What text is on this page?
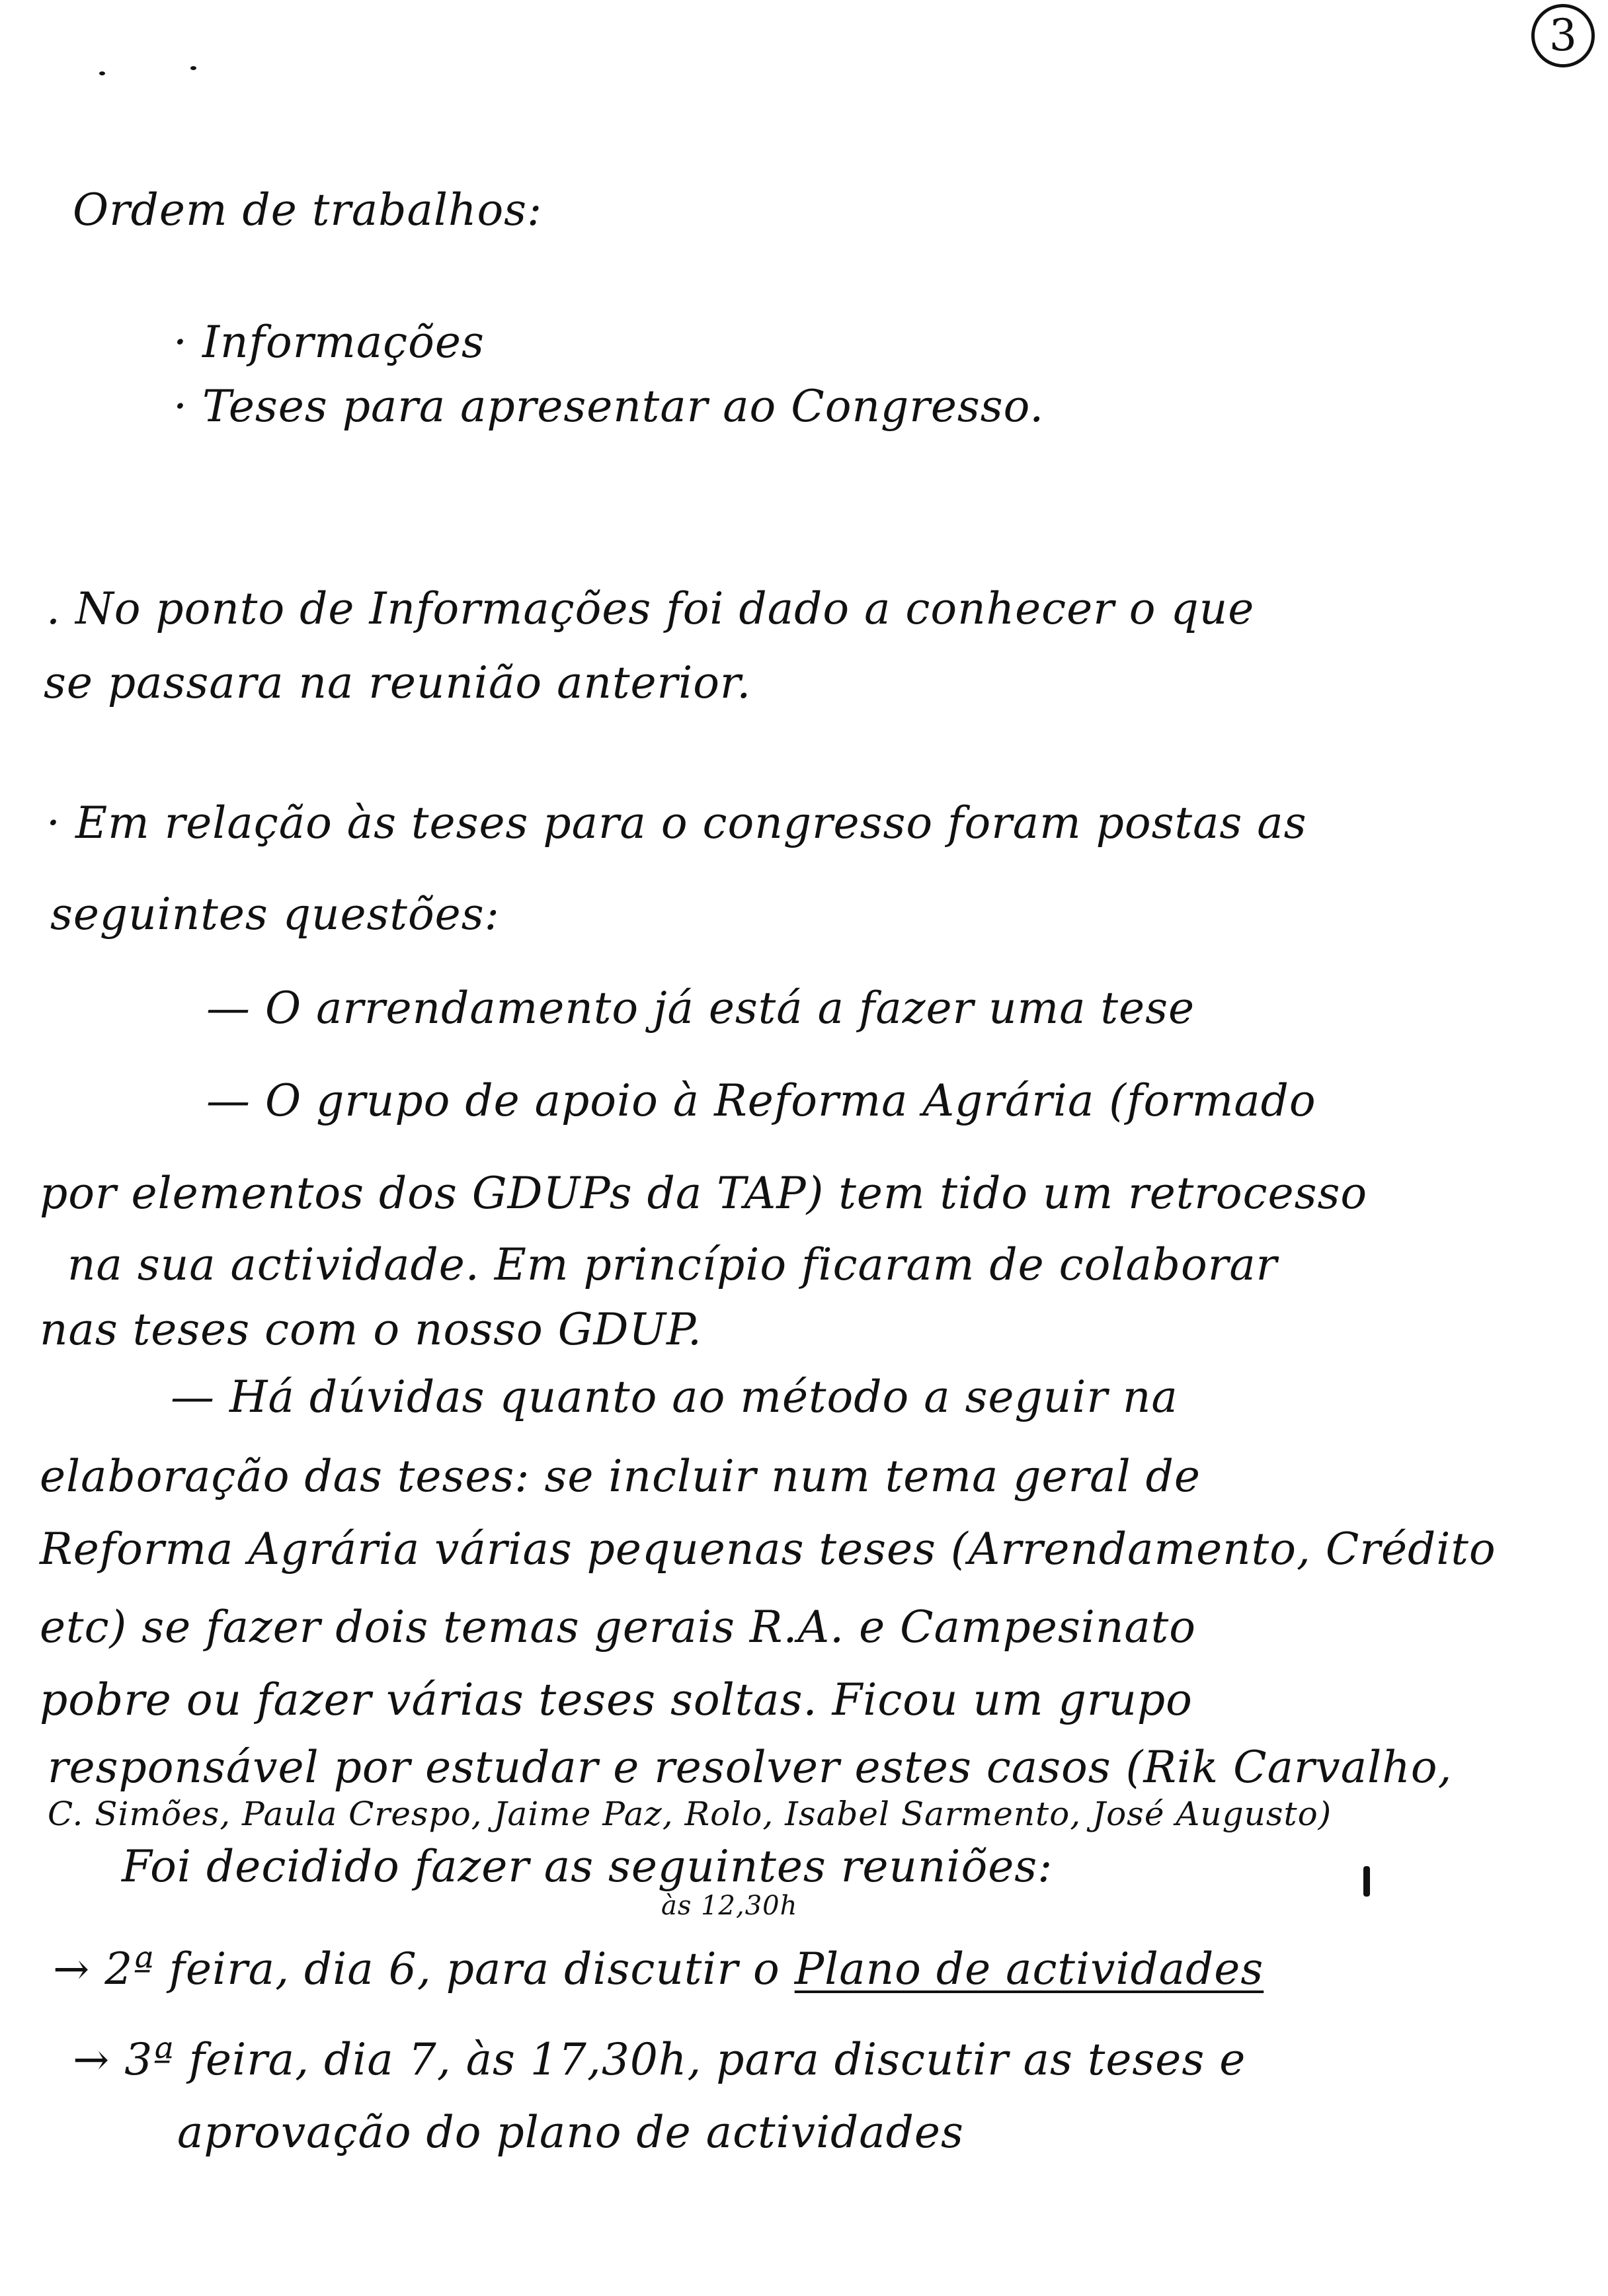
3
Ordem de trabalhos:
· Informações
· Teses para apresentar ao Congresso.
. No ponto de Informações foi dado a conhecer o que
se passara na reunião anterior.
· Em relação às teses para o congresso foram postas as
seguintes questões:
— O arrendamento já está a fazer uma tese
— O grupo de apoio à Reforma Agrária (formado
por elementos dos GDUPs da TAP) tem tido um retrocesso
na sua actividade. Em princípio ficaram de colaborar
nas teses com o nosso GDUP.
— Há dúvidas quanto ao método a seguir na
elaboração das teses: se incluir num tema geral de
Reforma Agrária várias pequenas teses (Arrendamento, Crédito
etc) se fazer dois temas gerais R.A. e Campesinato
pobre ou fazer várias teses soltas. Ficou um grupo
responsável por estudar e resolver estes casos (Rik Carvalho,
C. Simões, Paula Crespo, Jaime Paz, Rolo, Isabel Sarmento, José Augusto)
Foi decidido fazer as seguintes reuniões:
às 12,30h
→ 2ª feira, dia 6, para discutir o Plano de actividades
→ 3ª feira, dia 7, às 17,30h, para discutir as teses e
aprovação do plano de actividades
